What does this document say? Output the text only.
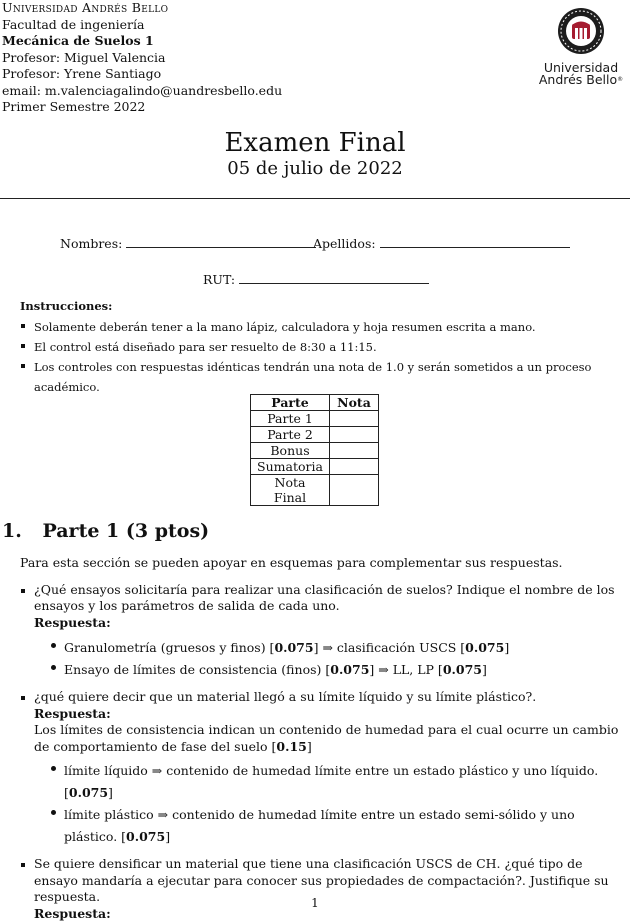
Universidad Andrés Bello
Facultad de ingeniería
Mecánica de Suelos 1
Profesor: Miguel Valencia
Profesor: Yrene Santiago
email: m.valenciagalindo@uandresbello.edu
Primer Semestre 2022
Universidad
Andrés Bello®
Examen Final
05 de julio de 2022
Nombres:	Apellidos:
RUT:
Instrucciones:
Solamente deberán tener a la mano lápiz, calculadora y hoja resumen escrita a mano.
El control está diseñado para ser resuelto de 8:30 a 11:15.
Los controles con respuestas idénticas tendrán una nota de 1.0 y serán sometidos a un proceso académico.
Parte	Nota
Parte 1	
Parte 2	
Bonus	
Sumatoria	
Nota Final	
1. Parte 1 (3 ptos)
Para esta sección se pueden apoyar en esquemas para complementar sus respuestas.
¿Qué ensayos solicitaría para realizar una clasificación de suelos? Indique el nombre de los ensayos y los parámetros de salida de cada uno.
Respuesta:
Granulometría (gruesos y finos) [0.075] ⇒ clasificación USCS [0.075]
Ensayo de límites de consistencia (finos) [0.075] ⇒ LL, LP [0.075]
¿qué quiere decir que un material llegó a su límite líquido y su límite plástico?.
Respuesta:
Los límites de consistencia indican un contenido de humedad para el cual ocurre un cambio de comportamiento de fase del suelo [0.15]
límite líquido ⇒ contenido de humedad límite entre un estado plástico y uno líquido. [0.075]
límite plástico ⇒ contenido de humedad límite entre un estado semi-sólido y uno plástico. [0.075]
Se quiere densificar un material que tiene una clasificación USCS de CH. ¿qué tipo de ensayo mandaría a ejecutar para conocer sus propiedades de compactación?. Justifique su respuesta.
Respuesta:
1
